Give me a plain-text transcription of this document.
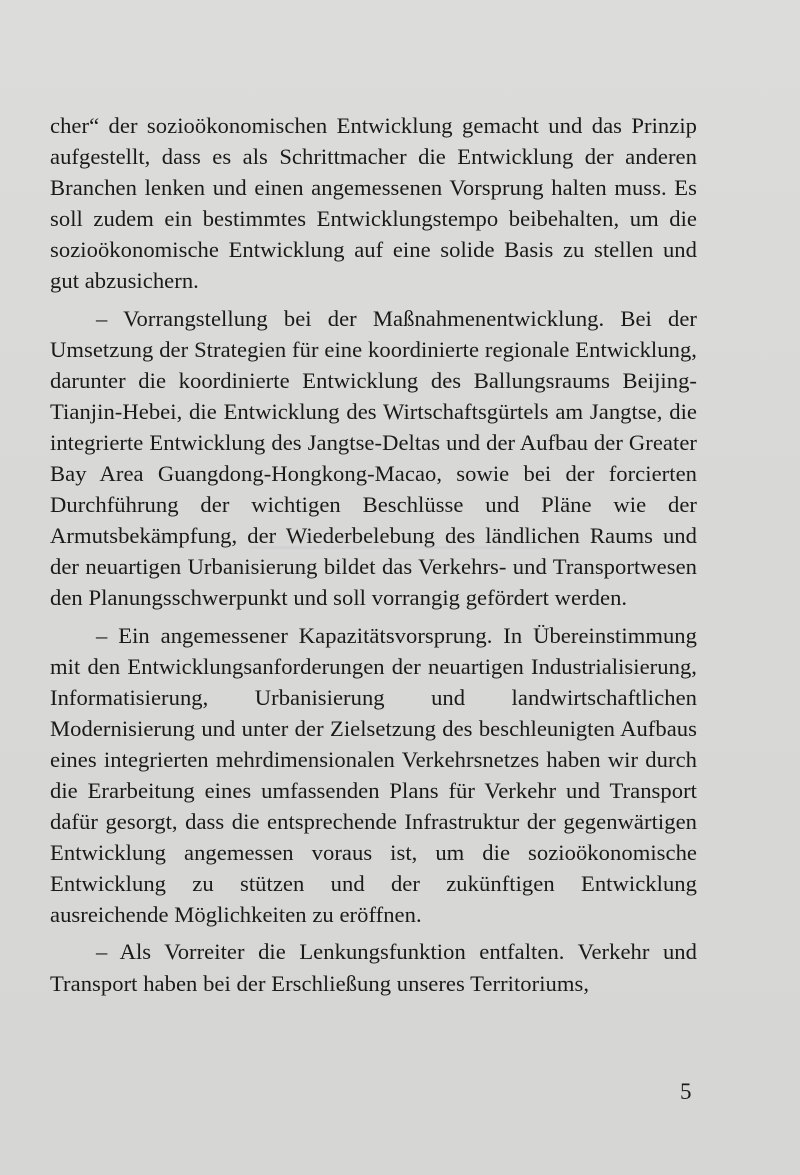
cher“ der sozioökonomischen Entwicklung gemacht und das Prinzip aufgestellt, dass es als Schrittmacher die Entwicklung der anderen Branchen lenken und einen angemessenen Vorsprung halten muss. Es soll zudem ein bestimmtes Entwicklungstempo beibehalten, um die sozioökonomische Entwicklung auf eine solide Basis zu stellen und gut abzusichern.

– Vorrangstellung bei der Maßnahmenentwicklung. Bei der Umsetzung der Strategien für eine koordinierte regionale Entwicklung, darunter die koordinierte Entwicklung des Ballungsraums Beijing-Tianjin-Hebei, die Entwicklung des Wirtschaftsgürtels am Jangtse, die integrierte Entwicklung des Jangtse-Deltas und der Aufbau der Greater Bay Area Guangdong-Hongkong-Macao, sowie bei der forcierten Durchführung der wichtigen Beschlüsse und Pläne wie der Armutsbekämpfung, der Wiederbelebung des ländlichen Raums und der neuartigen Urbanisierung bildet das Verkehrs- und Transportwesen den Planungsschwerpunkt und soll vorrangig gefördert werden.

– Ein angemessener Kapazitätsvorsprung. In Übereinstimmung mit den Entwicklungsanforderungen der neuartigen Industrialisierung, Informatisierung, Urbanisierung und landwirtschaftlichen Modernisierung und unter der Zielsetzung des beschleunigten Aufbaus eines integrierten mehrdimensionalen Verkehrsnetzes haben wir durch die Erarbeitung eines umfassenden Plans für Verkehr und Transport dafür gesorgt, dass die entsprechende Infrastruktur der gegenwärtigen Entwicklung angemessen voraus ist, um die sozioökonomische Entwicklung zu stützen und der zukünftigen Entwicklung ausreichende Möglichkeiten zu eröffnen.

– Als Vorreiter die Lenkungsfunktion entfalten. Verkehr und Transport haben bei der Erschließung unseres Territoriums,

5
